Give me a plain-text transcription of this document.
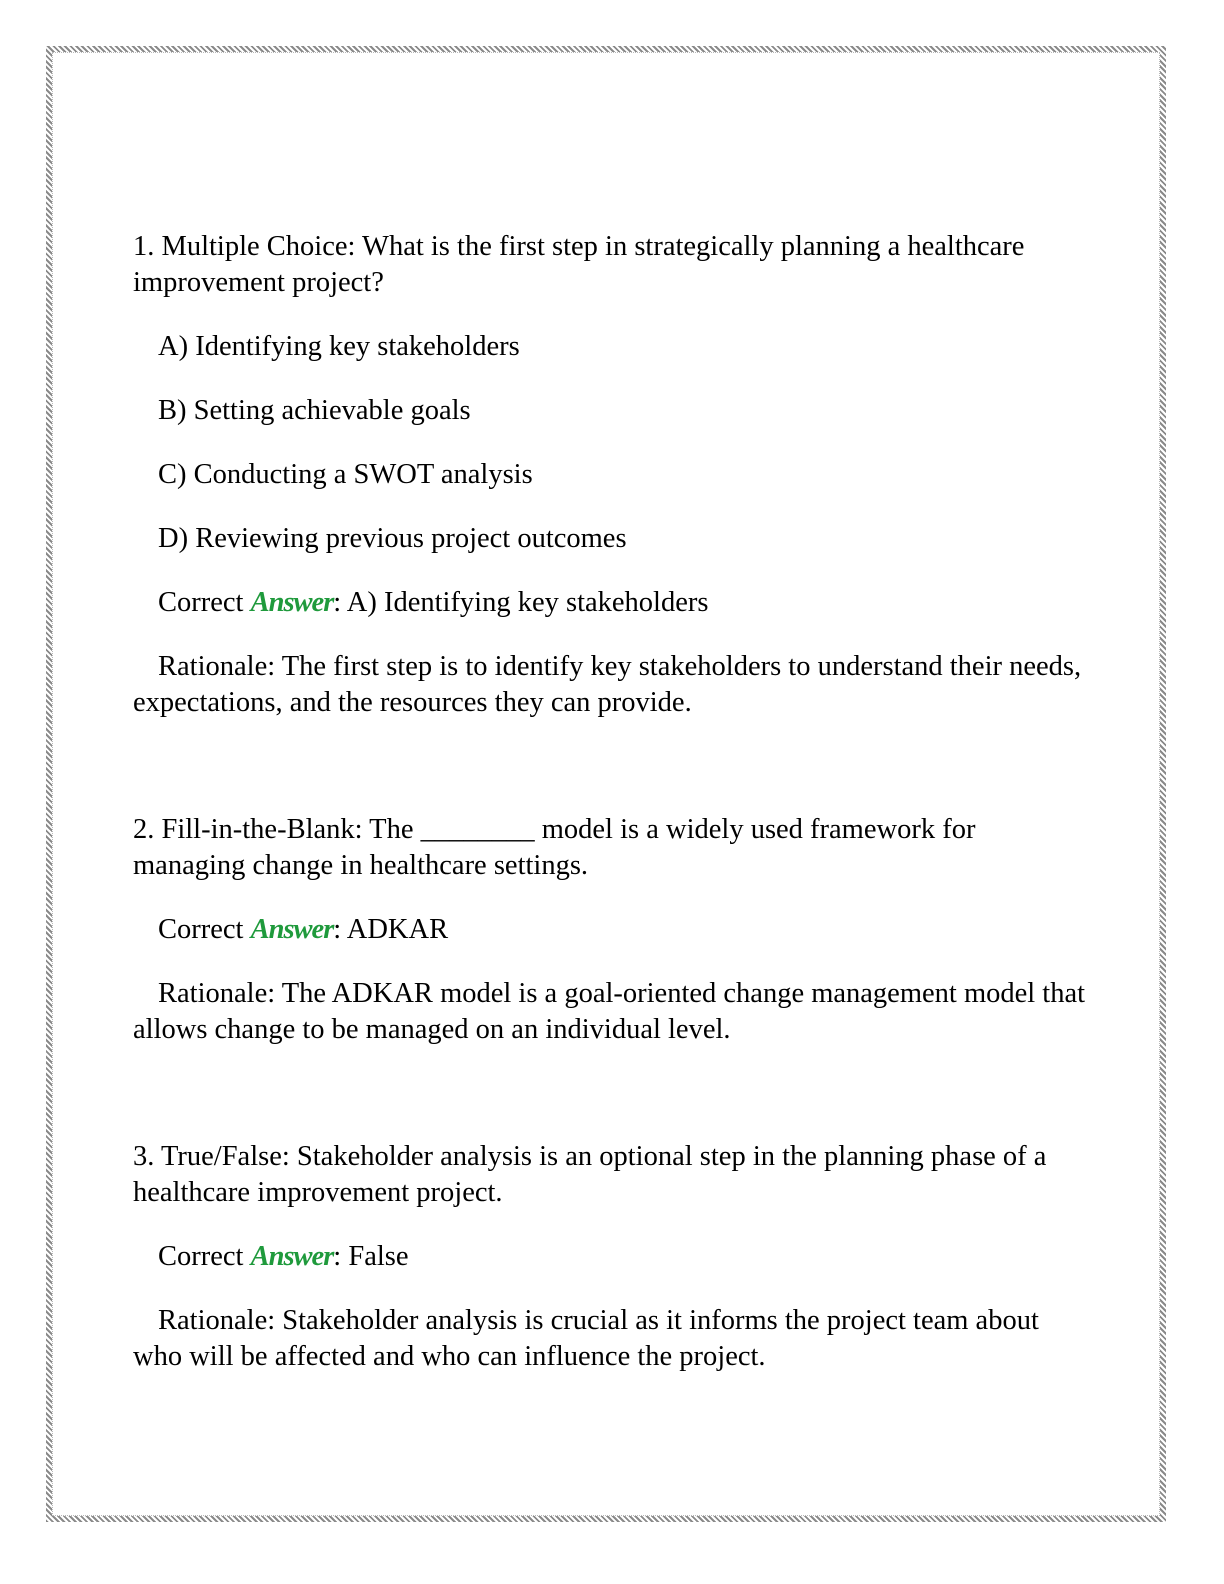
1. Multiple Choice: What is the first step in strategically planning a healthcare improvement project?

A) Identifying key stakeholders

B) Setting achievable goals

C) Conducting a SWOT analysis

D) Reviewing previous project outcomes

Correct Answer: A) Identifying key stakeholders

Rationale: The first step is to identify key stakeholders to understand their needs, expectations, and the resources they can provide.

2. Fill-in-the-Blank: The ________ model is a widely used framework for managing change in healthcare settings.

Correct Answer: ADKAR

Rationale: The ADKAR model is a goal-oriented change management model that allows change to be managed on an individual level.

3. True/False: Stakeholder analysis is an optional step in the planning phase of a healthcare improvement project.

Correct Answer: False

Rationale: Stakeholder analysis is crucial as it informs the project team about who will be affected and who can influence the project.
